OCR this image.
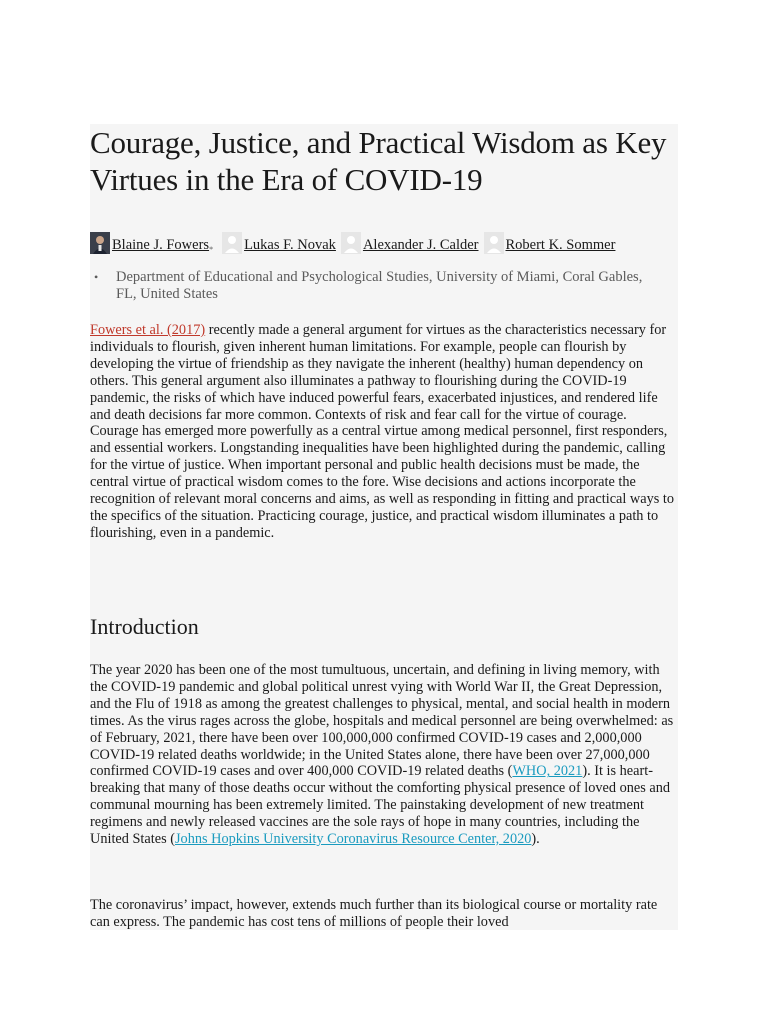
Courage, Justice, and Practical Wisdom as Key Virtues in the Era of COVID-19
Blaine J. Fowers * Lukas F. Novak Alexander J. Calder Robert K. Sommer
• Department of Educational and Psychological Studies, University of Miami, Coral Gables, FL, United States

Fowers et al. (2017) recently made a general argument for virtues as the characteristics necessary for individuals to flourish, given inherent human limitations. For example, people can flourish by developing the virtue of friendship as they navigate the inherent (healthy) human dependency on others. This general argument also illuminates a pathway to flourishing during the COVID-19 pandemic, the risks of which have induced powerful fears, exacerbated injustices, and rendered life and death decisions far more common. Contexts of risk and fear call for the virtue of courage. Courage has emerged more powerfully as a central virtue among medical personnel, first responders, and essential workers. Longstanding inequalities have been highlighted during the pandemic, calling for the virtue of justice. When important personal and public health decisions must be made, the central virtue of practical wisdom comes to the fore. Wise decisions and actions incorporate the recognition of relevant moral concerns and aims, as well as responding in fitting and practical ways to the specifics of the situation. Practicing courage, justice, and practical wisdom illuminates a path to flourishing, even in a pandemic.

Introduction

The year 2020 has been one of the most tumultuous, uncertain, and defining in living memory, with the COVID-19 pandemic and global political unrest vying with World War II, the Great Depression, and the Flu of 1918 as among the greatest challenges to physical, mental, and social health in modern times. As the virus rages across the globe, hospitals and medical personnel are being overwhelmed: as of February, 2021, there have been over 100,000,000 confirmed COVID-19 cases and 2,000,000 COVID-19 related deaths worldwide; in the United States alone, there have been over 27,000,000 confirmed COVID-19 cases and over 400,000 COVID-19 related deaths (WHO, 2021). It is heart-breaking that many of those deaths occur without the comforting physical presence of loved ones and communal mourning has been extremely limited. The painstaking development of new treatment regimens and newly released vaccines are the sole rays of hope in many countries, including the United States (Johns Hopkins University Coronavirus Resource Center, 2020).

The coronavirus’ impact, however, extends much further than its biological course or mortality rate can express. The pandemic has cost tens of millions of people their loved
